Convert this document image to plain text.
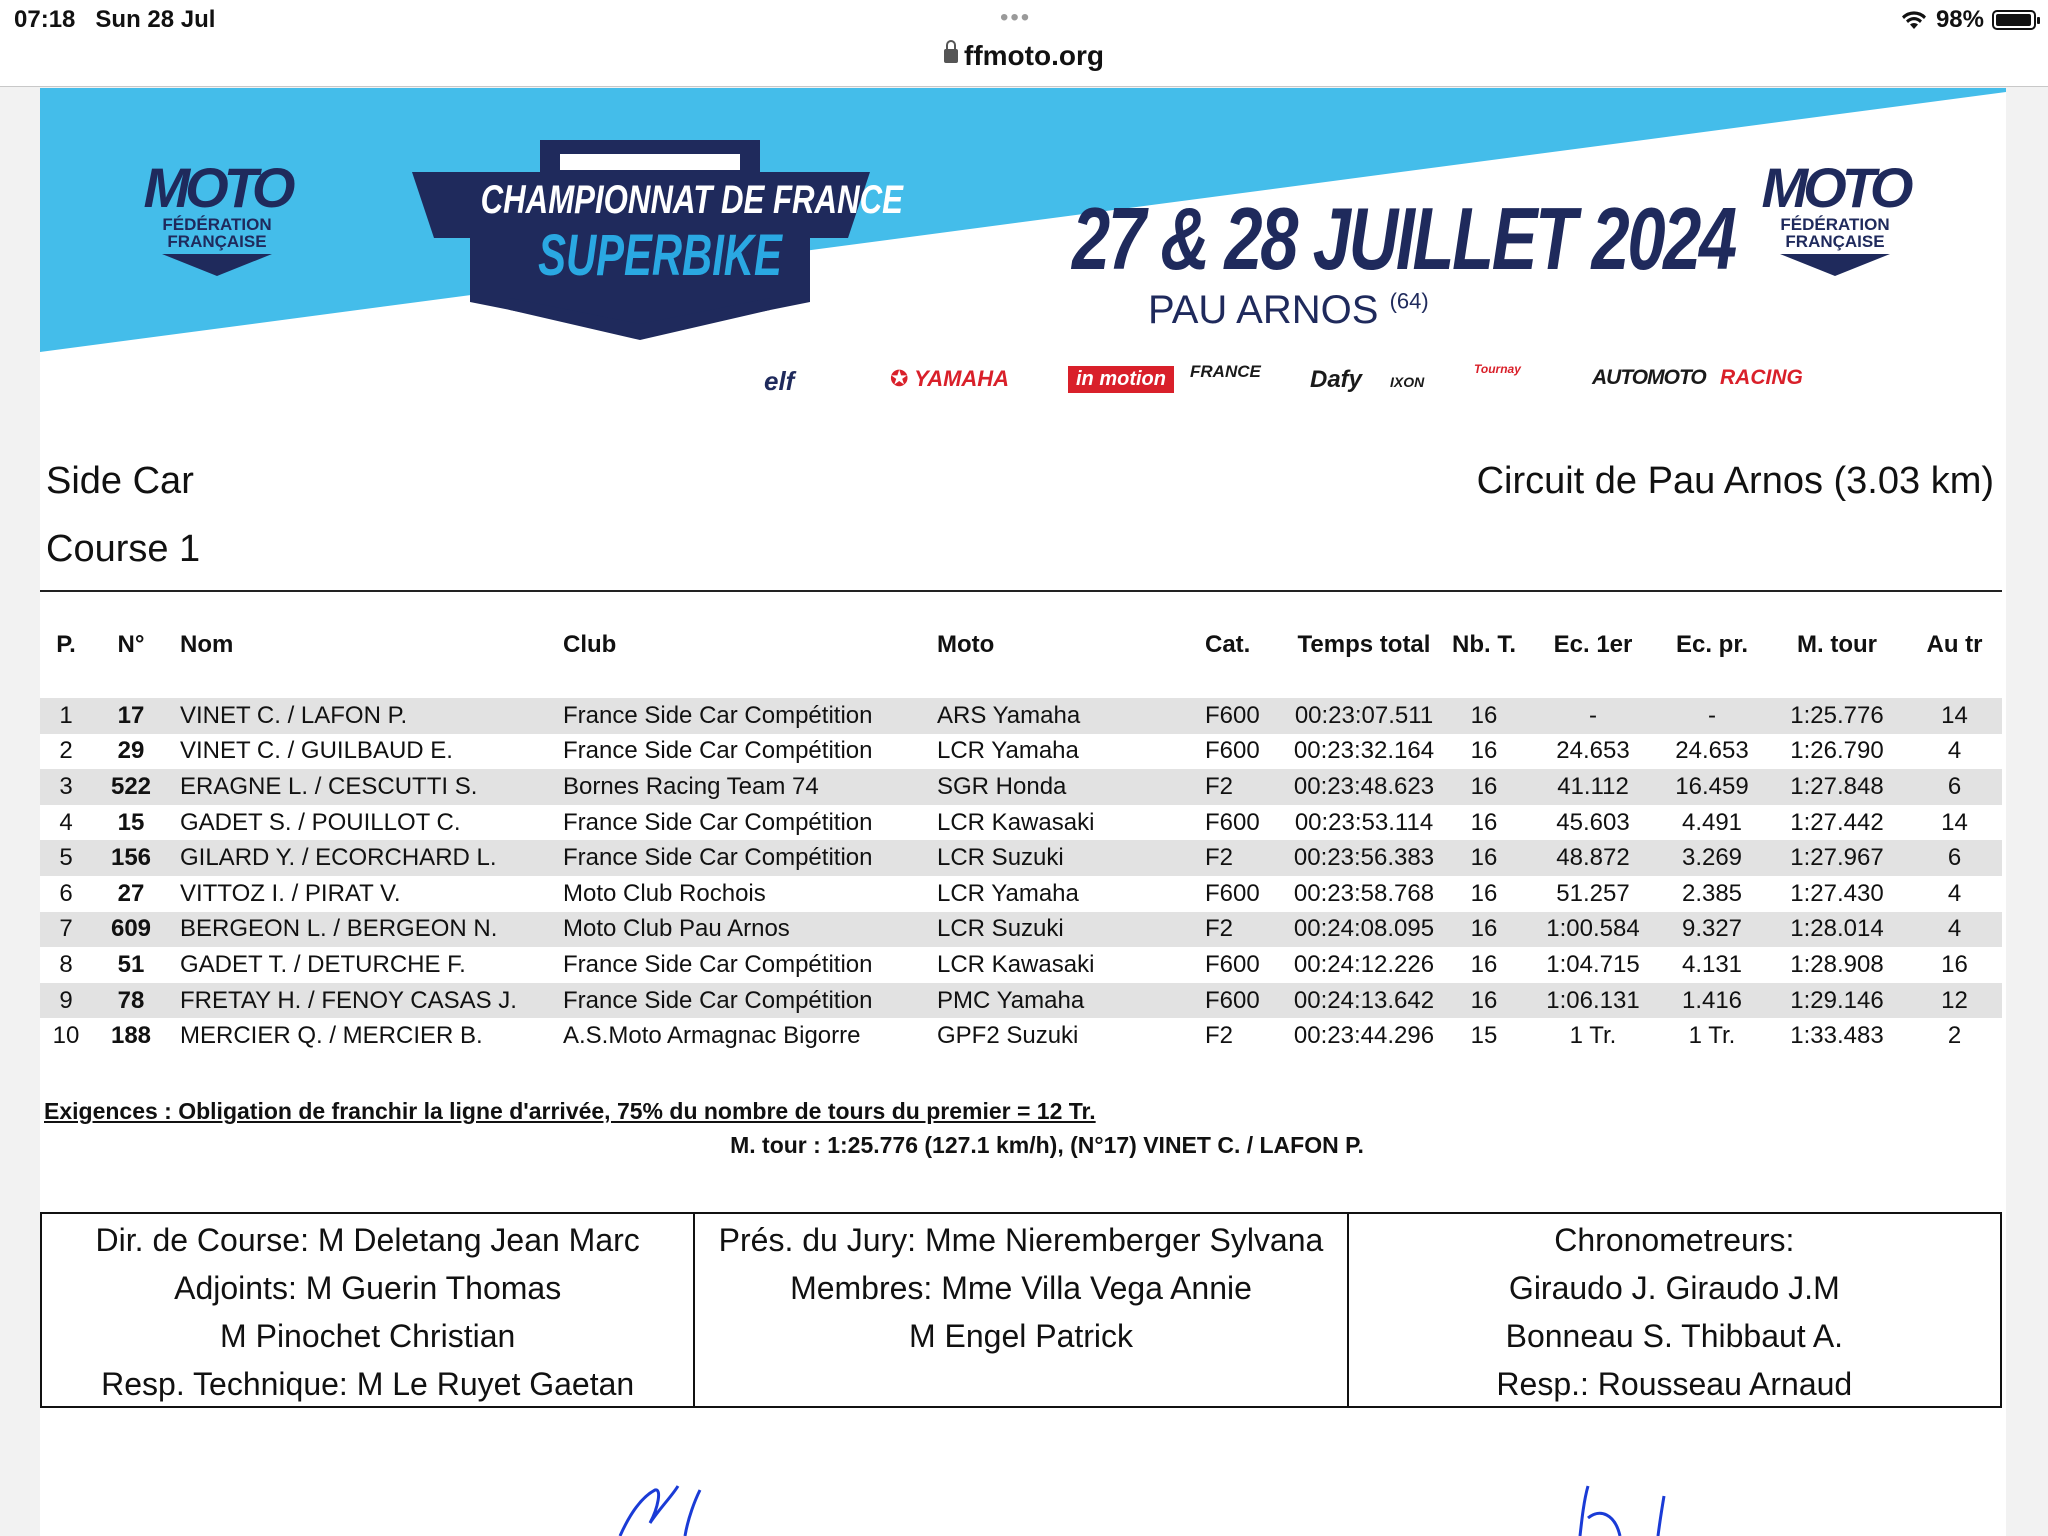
07:18 Sun 28 Jul	•••	98%
ffmoto.org
MOTO
FÉDÉRATION
FRANÇAISE
MOTO
FÉDÉRATION
FRANÇAISE
CHAMPIONNAT DE FRANCE
SUPERBIKE	27 & 28 JUILLET 2024
PAU ARNOS $^{(64)}$
elf	✪ YAMAHA	in motion	FRANCE Dafy IXON
Tournay	AUTOMOTO RACING
Side Car
Course 1
Circuit de Pau Arnos (3.03 km)
P.	N°	Nom	Club	Moto	Cat.	Temps total	Nb. T.	Ec. 1er	Ec. pr.	M. tour	Au tr

1	17	VINET C. / LAFON P.	France Side Car Compétition	ARS Yamaha	F600	00:23:07.511	16	-	-	1:25.776	14
2	29	VINET C. / GUILBAUD E.	France Side Car Compétition	LCR Yamaha	F600	00:23:32.164	16	24.653	24.653	1:26.790	4
3	522	ERAGNE L. / CESCUTTI S.	Bornes Racing Team 74	SGR Honda	F2	00:23:48.623	16	41.112	16.459	1:27.848	6
4	15	GADET S. / POUILLOT C.	France Side Car Compétition	LCR Kawasaki	F600	00:23:53.114	16	45.603	4.491	1:27.442	14
5	156	GILARD Y. / ECORCHARD L.	France Side Car Compétition	LCR Suzuki	F2	00:23:56.383	16	48.872	3.269	1:27.967	6
6	27	VITTOZ I. / PIRAT V.	Moto Club Rochois	LCR Yamaha	F600	00:23:58.768	16	51.257	2.385	1:27.430	4
7	609	BERGEON L. / BERGEON N.	Moto Club Pau Arnos	LCR Suzuki	F2	00:24:08.095	16	1:00.584	9.327	1:28.014	4
8	51	GADET T. / DETURCHE F.	France Side Car Compétition	LCR Kawasaki	F600	00:24:12.226	16	1:04.715	4.131	1:28.908	16
9	78	FRETAY H. / FENOY CASAS J.	France Side Car Compétition	PMC Yamaha	F600	00:24:13.642	16	1:06.131	1.416	1:29.146	12
10	188	MERCIER Q. / MERCIER B.	A.S.Moto Armagnac Bigorre	GPF2 Suzuki	F2	00:23:44.296	15	1 Tr.	1 Tr.	1:33.483	2
Exigences : Obligation de franchir la ligne d'arrivée, 75% du nombre de tours du premier = 12 Tr.
M. tour : 1:25.776 (127.1 km/h), (N°17) VINET C. / LAFON P.
Dir. de Course: M Deletang Jean Marc
Adjoints: M Guerin Thomas
M Pinochet Christian
Resp. Technique: M Le Ruyet Gaetan
Prés. du Jury: Mme Nieremberger Sylvana
Membres: Mme Villa Vega Annie
M Engel Patrick
Chronometreurs:
Giraudo J. Giraudo J.M
Bonneau S. Thibbaut A.
Resp.: Rousseau Arnaud
